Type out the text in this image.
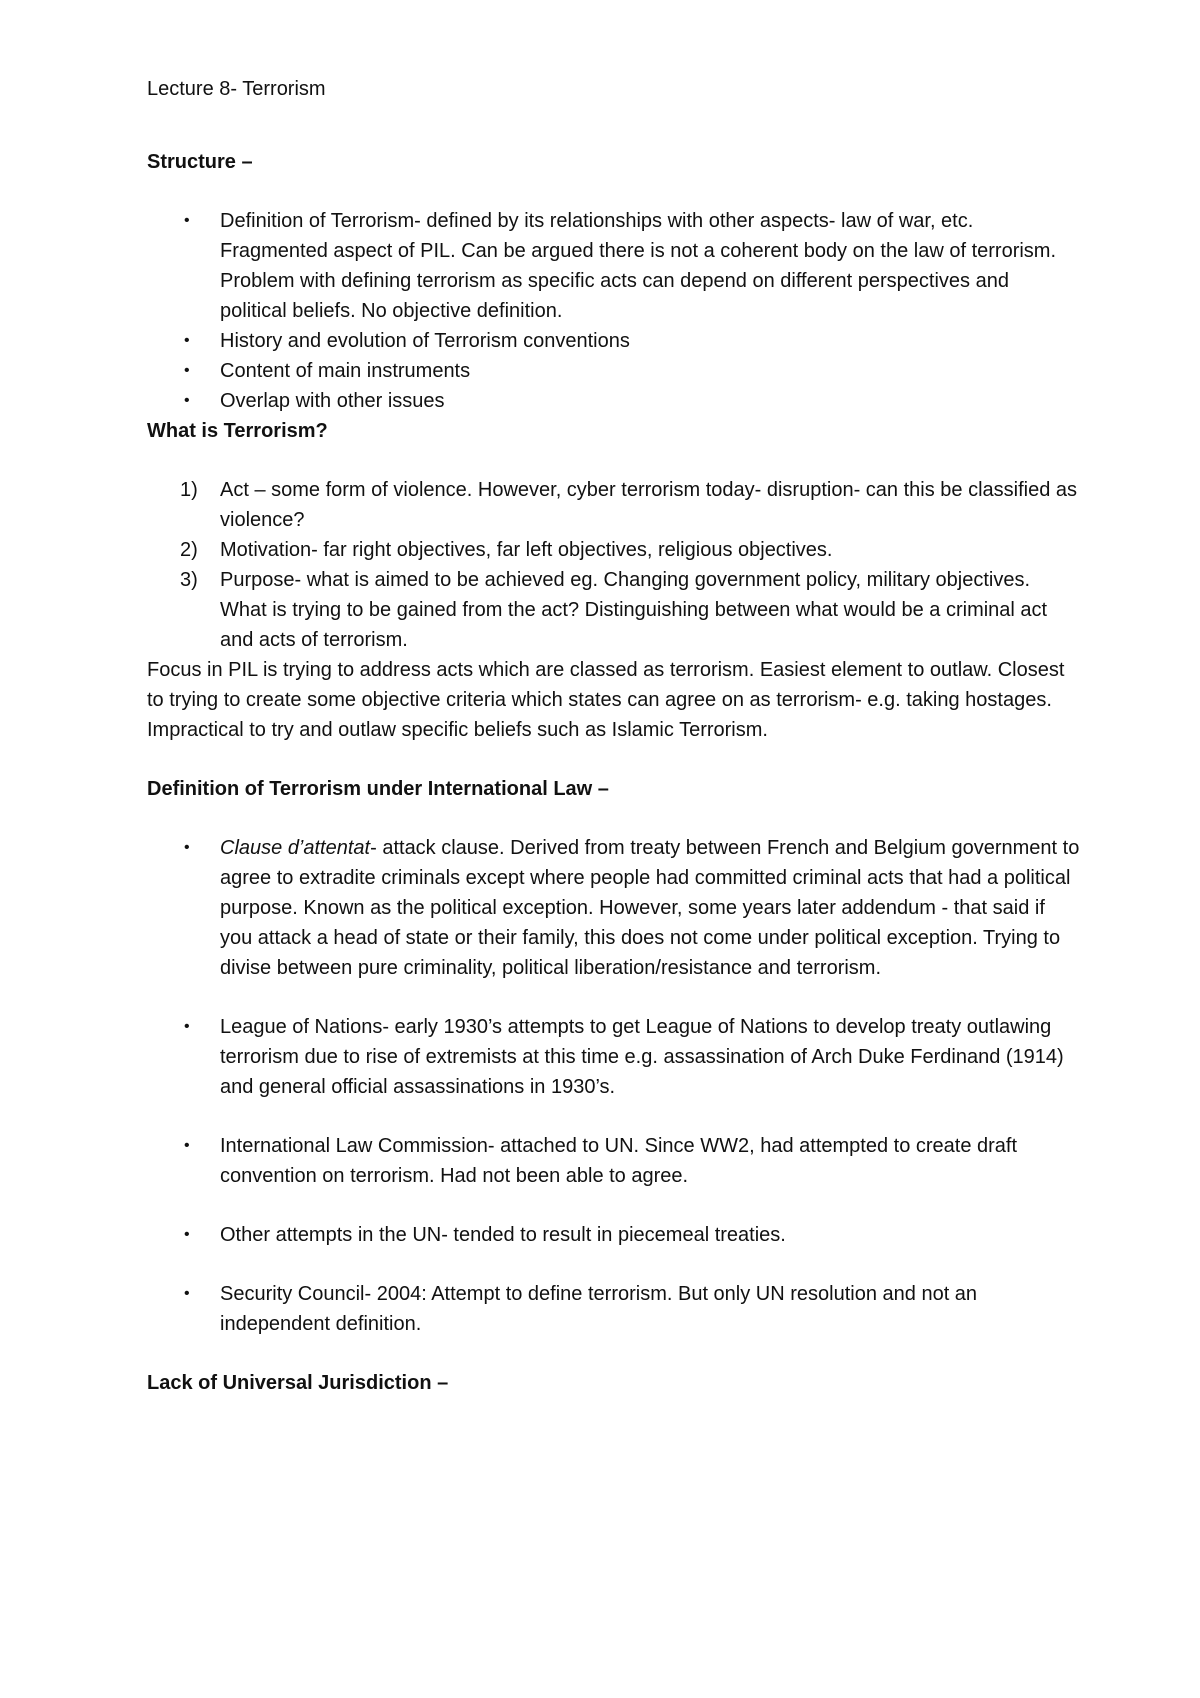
Lecture 8- Terrorism

Structure –

• Definition of Terrorism- defined by its relationships with other aspects- law of war, etc. Fragmented aspect of PIL. Can be argued there is not a coherent body on the law of terrorism. Problem with defining terrorism as specific acts can depend on different perspectives and political beliefs. No objective definition.
• History and evolution of Terrorism conventions
• Content of main instruments
• Overlap with other issues

What is Terrorism?

1) Act – some form of violence. However, cyber terrorism today- disruption- can this be classified as violence?
2) Motivation- far right objectives, far left objectives, religious objectives.
3) Purpose- what is aimed to be achieved eg. Changing government policy, military objectives. What is trying to be gained from the act? Distinguishing between what would be a criminal act and acts of terrorism.

Focus in PIL is trying to address acts which are classed as terrorism. Easiest element to outlaw. Closest to trying to create some objective criteria which states can agree on as terrorism- e.g. taking hostages. Impractical to try and outlaw specific beliefs such as Islamic Terrorism.

Definition of Terrorism under International Law –

• Clause d’attentat- attack clause. Derived from treaty between French and Belgium government to agree to extradite criminals except where people had committed criminal acts that had a political purpose. Known as the political exception. However, some years later addendum - that said if you attack a head of state or their family, this does not come under political exception. Trying to divise between pure criminality, political liberation/resistance and terrorism.
• League of Nations- early 1930’s attempts to get League of Nations to develop treaty outlawing terrorism due to rise of extremists at this time e.g. assassination of Arch Duke Ferdinand (1914) and general official assassinations in 1930’s.
• International Law Commission- attached to UN. Since WW2, had attempted to create draft convention on terrorism. Had not been able to agree.
• Other attempts in the UN- tended to result in piecemeal treaties.
• Security Council- 2004: Attempt to define terrorism. But only UN resolution and not an independent definition.

Lack of Universal Jurisdiction –
